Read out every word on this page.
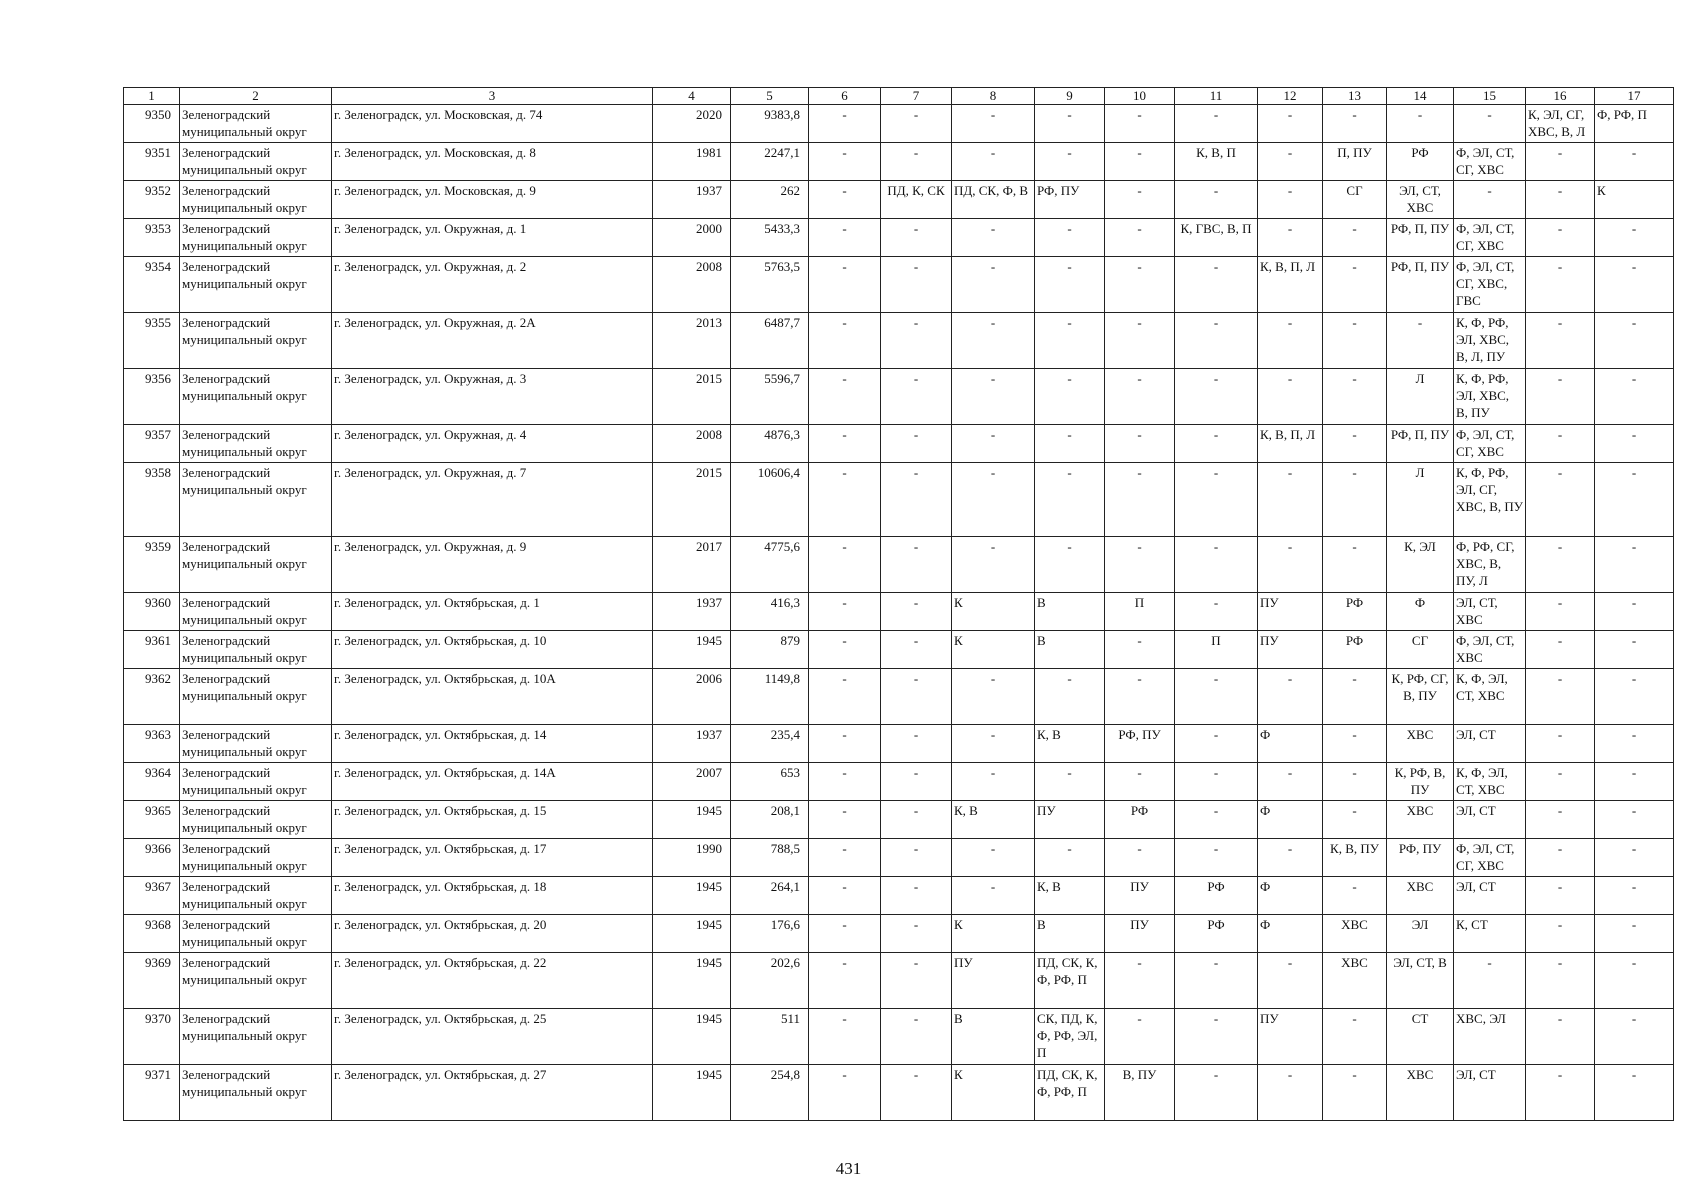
1	2	3	4	5	6	7	8	9	10	11	12	13	14	15	16	17
9350	Зеленоградский муниципальный округ	г. Зеленоградск, ул. Московская, д. 74	2020	9383,8	-	-	-	-	-	-	-	-	-	-	К, ЭЛ, СГ, ХВС, В, Л	Ф, РФ, П
9351	Зеленоградский муниципальный округ	г. Зеленоградск, ул. Московская, д. 8	1981	2247,1	-	-	-	-	-	К, В, П	-	П, ПУ	РФ	Ф, ЭЛ, СТ, СГ, ХВС	-	-
9352	Зеленоградский муниципальный округ	г. Зеленоградск, ул. Московская, д. 9	1937	262	-	ПД, К, СК	ПД, СК, Ф, В	РФ, ПУ	-	-	-	СГ	ЭЛ, СТ, ХВС	-	-	К
9353	Зеленоградский муниципальный округ	г. Зеленоградск, ул. Окружная, д. 1	2000	5433,3	-	-	-	-	-	К, ГВС, В, П	-	-	РФ, П, ПУ	Ф, ЭЛ, СТ, СГ, ХВС	-	-
9354	Зеленоградский муниципальный округ	г. Зеленоградск, ул. Окружная, д. 2	2008	5763,5	-	-	-	-	-	-	К, В, П, Л	-	РФ, П, ПУ	Ф, ЭЛ, СТ, СГ, ХВС, ГВС	-	-
9355	Зеленоградский муниципальный округ	г. Зеленоградск, ул. Окружная, д. 2А	2013	6487,7	-	-	-	-	-	-	-	-	-	К, Ф, РФ, ЭЛ, ХВС, В, Л, ПУ	-	-
9356	Зеленоградский муниципальный округ	г. Зеленоградск, ул. Окружная, д. 3	2015	5596,7	-	-	-	-	-	-	-	-	Л	К, Ф, РФ, ЭЛ, ХВС, В, ПУ	-	-
9357	Зеленоградский муниципальный округ	г. Зеленоградск, ул. Окружная, д. 4	2008	4876,3	-	-	-	-	-	-	К, В, П, Л	-	РФ, П, ПУ	Ф, ЭЛ, СТ, СГ, ХВС	-	-
9358	Зеленоградский муниципальный округ	г. Зеленоградск, ул. Окружная, д. 7	2015	10606,4	-	-	-	-	-	-	-	-	Л	К, Ф, РФ, ЭЛ, СГ, ХВС, В, ПУ	-	-
9359	Зеленоградский муниципальный округ	г. Зеленоградск, ул. Окружная, д. 9	2017	4775,6	-	-	-	-	-	-	-	-	К, ЭЛ	Ф, РФ, СГ, ХВС, В, ПУ, Л	-	-
9360	Зеленоградский муниципальный округ	г. Зеленоградск, ул. Октябрьская, д. 1	1937	416,3	-	-	К	В	П	-	ПУ	РФ	Ф	ЭЛ, СТ, ХВС	-	-
9361	Зеленоградский муниципальный округ	г. Зеленоградск, ул. Октябрьская, д. 10	1945	879	-	-	К	В	-	П	ПУ	РФ	СГ	Ф, ЭЛ, СТ, ХВС	-	-
9362	Зеленоградский муниципальный округ	г. Зеленоградск, ул. Октябрьская, д. 10А	2006	1149,8	-	-	-	-	-	-	-	-	К, РФ, СГ, В, ПУ	К, Ф, ЭЛ, СТ, ХВС	-	-
9363	Зеленоградский муниципальный округ	г. Зеленоградск, ул. Октябрьская, д. 14	1937	235,4	-	-	-	К, В	РФ, ПУ	-	Ф	-	ХВС	ЭЛ, СТ	-	-
9364	Зеленоградский муниципальный округ	г. Зеленоградск, ул. Октябрьская, д. 14А	2007	653	-	-	-	-	-	-	-	-	К, РФ, В, ПУ	К, Ф, ЭЛ, СТ, ХВС	-	-
9365	Зеленоградский муниципальный округ	г. Зеленоградск, ул. Октябрьская, д. 15	1945	208,1	-	-	К, В	ПУ	РФ	-	Ф	-	ХВС	ЭЛ, СТ	-	-
9366	Зеленоградский муниципальный округ	г. Зеленоградск, ул. Октябрьская, д. 17	1990	788,5	-	-	-	-	-	-	-	К, В, ПУ	РФ, ПУ	Ф, ЭЛ, СТ, СГ, ХВС	-	-
9367	Зеленоградский муниципальный округ	г. Зеленоградск, ул. Октябрьская, д. 18	1945	264,1	-	-	-	К, В	ПУ	РФ	Ф	-	ХВС	ЭЛ, СТ	-	-
9368	Зеленоградский муниципальный округ	г. Зеленоградск, ул. Октябрьская, д. 20	1945	176,6	-	-	К	В	ПУ	РФ	Ф	ХВС	ЭЛ	К, СТ	-	-
9369	Зеленоградский муниципальный округ	г. Зеленоградск, ул. Октябрьская, д. 22	1945	202,6	-	-	ПУ	ПД, СК, К, Ф, РФ, П	-	-	-	ХВС	ЭЛ, СТ, В	-	-	-
9370	Зеленоградский муниципальный округ	г. Зеленоградск, ул. Октябрьская, д. 25	1945	511	-	-	В	СК, ПД, К, Ф, РФ, ЭЛ, П	-	-	ПУ	-	СТ	ХВС, ЭЛ	-	-
9371	Зеленоградский муниципальный округ	г. Зеленоградск, ул. Октябрьская, д. 27	1945	254,8	-	-	К	ПД, СК, К, Ф, РФ, П	В, ПУ	-	-	-	ХВС	ЭЛ, СТ	-	-
431
